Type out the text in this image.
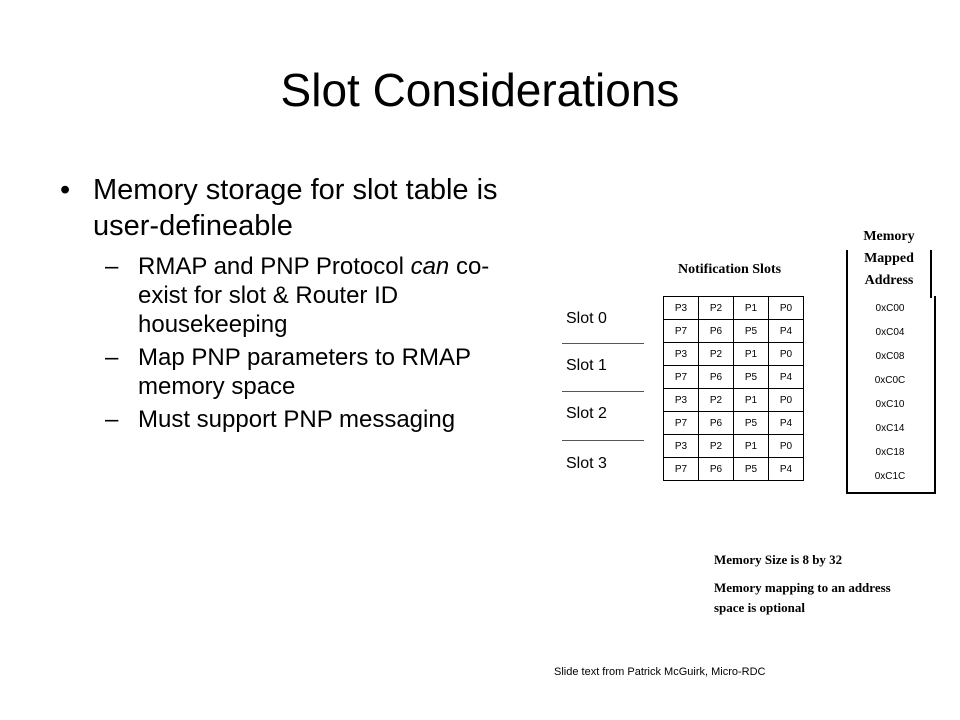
Slot Considerations
• Memory storage for slot table is user-defineable
– RMAP and PNP Protocol can co-exist for slot & Router ID housekeeping
– Map PNP parameters to RMAP memory space
– Must support PNP messaging
Notification Slots
Memory
Mapped
Address
Slot 0
Slot 1
Slot 2
Slot 3
P3	P2	P1	P0
P7	P6	P5	P4
P3	P2	P1	P0
P7	P6	P5	P4
P3	P2	P1	P0
P7	P6	P5	P4
P3	P2	P1	P0
P7	P6	P5	P4
0xC00
0xC04
0xC08
0xC0C
0xC10
0xC14
0xC18
0xC1C
Memory Size is 8 by 32
Memory mapping to an address space is optional
Slide text from Patrick McGuirk, Micro-RDC
